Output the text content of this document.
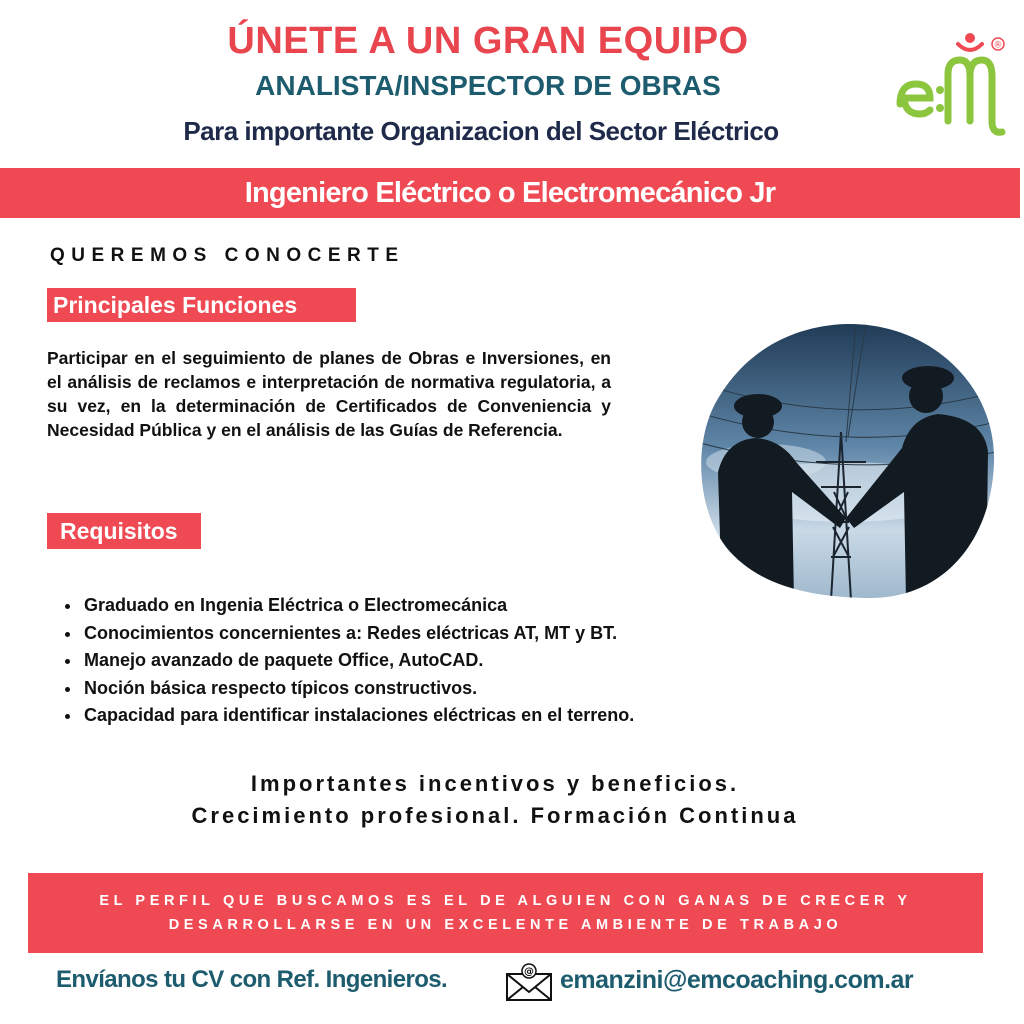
ÚNETE A UN GRAN EQUIPO
ANALISTA/INSPECTOR DE OBRAS
Para importante Organizacion del Sector Eléctrico
®
Ingeniero Eléctrico o Electromecánico Jr
QUEREMOS CONOCERTE
Principales Funciones
Participar en el seguimiento de planes de Obras e Inversiones, en el análisis de reclamos e interpretación de normativa regulatoria, a su vez, en la determinación de Certificados de Conveniencia y Necesidad Pública y en el análisis de las Guías de Referencia.
Requisitos
• Graduado en Ingenia Eléctrica o Electromecánica
• Conocimientos concernientes a: Redes eléctricas AT, MT y BT.
• Manejo avanzado de paquete Office, AutoCAD.
• Noción básica respecto típicos constructivos.
• Capacidad para identificar instalaciones eléctricas en el terreno.
Importantes incentivos y beneficios.
Crecimiento profesional. Formación Continua
EL PERFIL QUE BUSCAMOS ES EL DE ALGUIEN CON GANAS DE CRECER Y
DESARROLLARSE EN UN EXCELENTE AMBIENTE DE TRABAJO
Envíanos tu CV con Ref. Ingenieros.	@ emanzini@emcoaching.com.ar
